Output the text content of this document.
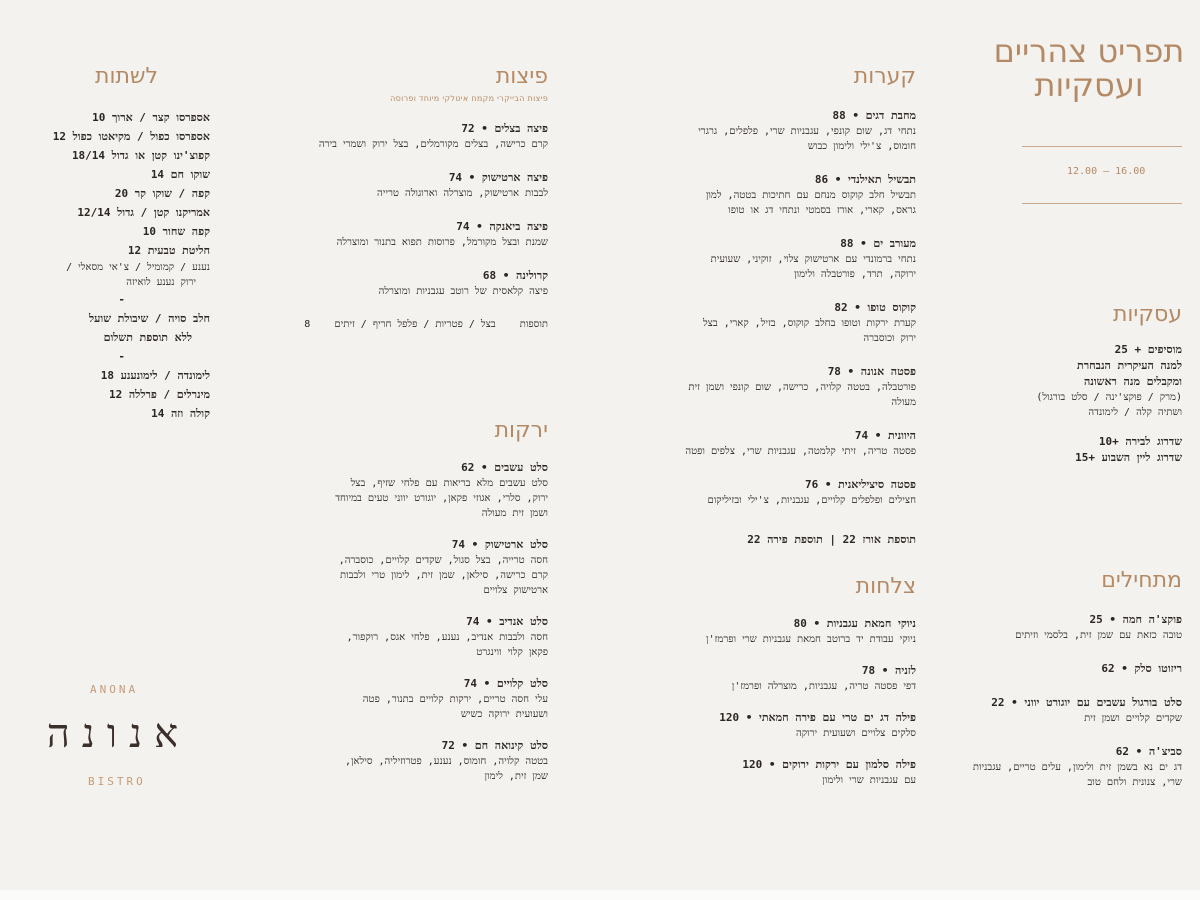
ANONA
אנונה
BISTRO
לשתות
אספרסו קצר / ארוך 10
אספרסו כפול / מקיאטו כפול 12
קפוצ'ינו קטן או גדול 18/14
שוקו חם 14
קפה / שוקו קר 20
אמריקנו קטן / גדול 12/14
קפה שחור 10
חליטת טבעית 12
נענע / קמומיל / צ'אי מסאלי /
ירוק נענע לואיזה
-
חלב סויה / שיבולת שועל
ללא תוספת תשלום
-
לימונדה / לימונענע 18
מינרלים / פרללה 12
קולה וזה 14
פיצות
פיצות הבייקרי מקמח איטלקי מיוחד ופרוסה
פיצה בצלים • 72
קרם כרישה, בצלים מקורמלים, בצל ירוק ושמרי בירה
פיצה ארטישוק • 74
לבבות ארטישוק, מוצרלה וארוגולה טרייה
פיצה ביאנקה • 74
שמנת ובצל מקורמל, פרוסות תפוא בתנור ומוצרלה
קרולינה • 68
פיצה קלאסית של רוטב עגבניות ומוצרלה
תוספות    בצל / פטריות / פלפל חריף / זיתים    8
ירקות
סלט עשבים • 62
סלט עשבים מלא בריאות עם פלחי שזיף, בצל ירוק, סלרי, אגוזי פקאן, יוגורט יווני טעים במיוחד ושמן זית מעולה
סלט ארטישוק • 74
חסה טרייה, בצל סגול, שקדים קלויים, כוסברה, קרם כרישה, סילאן, שמן זית, לימון טרי ולבבות ארטישוק צלויים
סלט אנדיב • 74
חסה ולבבות אנדיב, נענע, פלחי אגס, רוקפור, פקאן קלוי ווינגרט
סלט קלויים • 74
עלי חסה טריים, ירקות קלויים בתנור, פטה ושעועית ירוקה כשיש
סלט קינואה חם • 72
בטטה קלויה, חומוס, נענע, פטרוזיליה, סילאן, שמן זית, לימון
קערות
מחבת דגים • 88
נתחי דג, שום קונפי, עגבניות שרי, פלפלים, גרגרי חומוס, צ'ילי ולימון כבוש
תבשיל תאילנדי • 86
תבשיל חלב קוקוס מנחם עם חתיכות בטטה, למון גראס, קארי, אורז בסמטי ונתחי דג או טופו
מעורב ים • 88
נתחי ברמונדי עם ארטישוק צלוי, זוקיני, שעועית ירוקה, תרד, פורטבלה ולימון
קוקוס טופו • 82
קערת ירקות וטופו בחלב קוקוס, בזיל, קארי, בצל ירוק וכוסברה
פסטה אנונה • 78
פורטבלה, בטטה קלויה, כרישה, שום קונפי ושמן זית מעולה
היוונית • 74
פסטה טריה, זיתי קלמטה, עגבניות שרי, צלפים ופטה
פסטה סיציליאנית • 76
חצילים ופלפלים קלויים, עגבניות, צ'ילי ובזיליקום
תוספת אורז 22 | תוספת פירה 22
צלחות
ניוקי חמאת עגבניות • 80
ניוקי עבודת יד ברוטב חמאת עגבניות שרי ופרמז'ן
לזניה • 78
דפי פסטה טריה, עגבניות, מוצרלה ופרמז'ן
פילה דג ים טרי עם פירה חמאתי • 120
סלקים צלויים ושעועית ירוקה
פילה סלמון עם ירקות ירוקים • 120
עם עגבניות שרי ולימון
תפריט צהריים
ועסקיות
12.00 – 16.00
עסקיות
מוסיפים + 25
למנה העיקרית הנבחרת
ומקבלים מנה ראשונה
(מרק / פוקצ'ינה / סלט בורגול)
ושתיה קלה / לימונדה
שדרוג לבירה +10
שדרוג ליין השבוע +15
מתחילים
פוקצ'ה חמה • 25
טובה כזאת עם שמן זית, בלסמי וזיתים
ריזוטו סלק • 62
סלט בורגול עשבים עם יוגורט יווני • 22
שקדים קלויים ושמן זית
סביצ'ה • 62
דג ים נא בשמן זית ולימון, עלים טריים, עגבניות שרי, צנונית ולחם טוב
